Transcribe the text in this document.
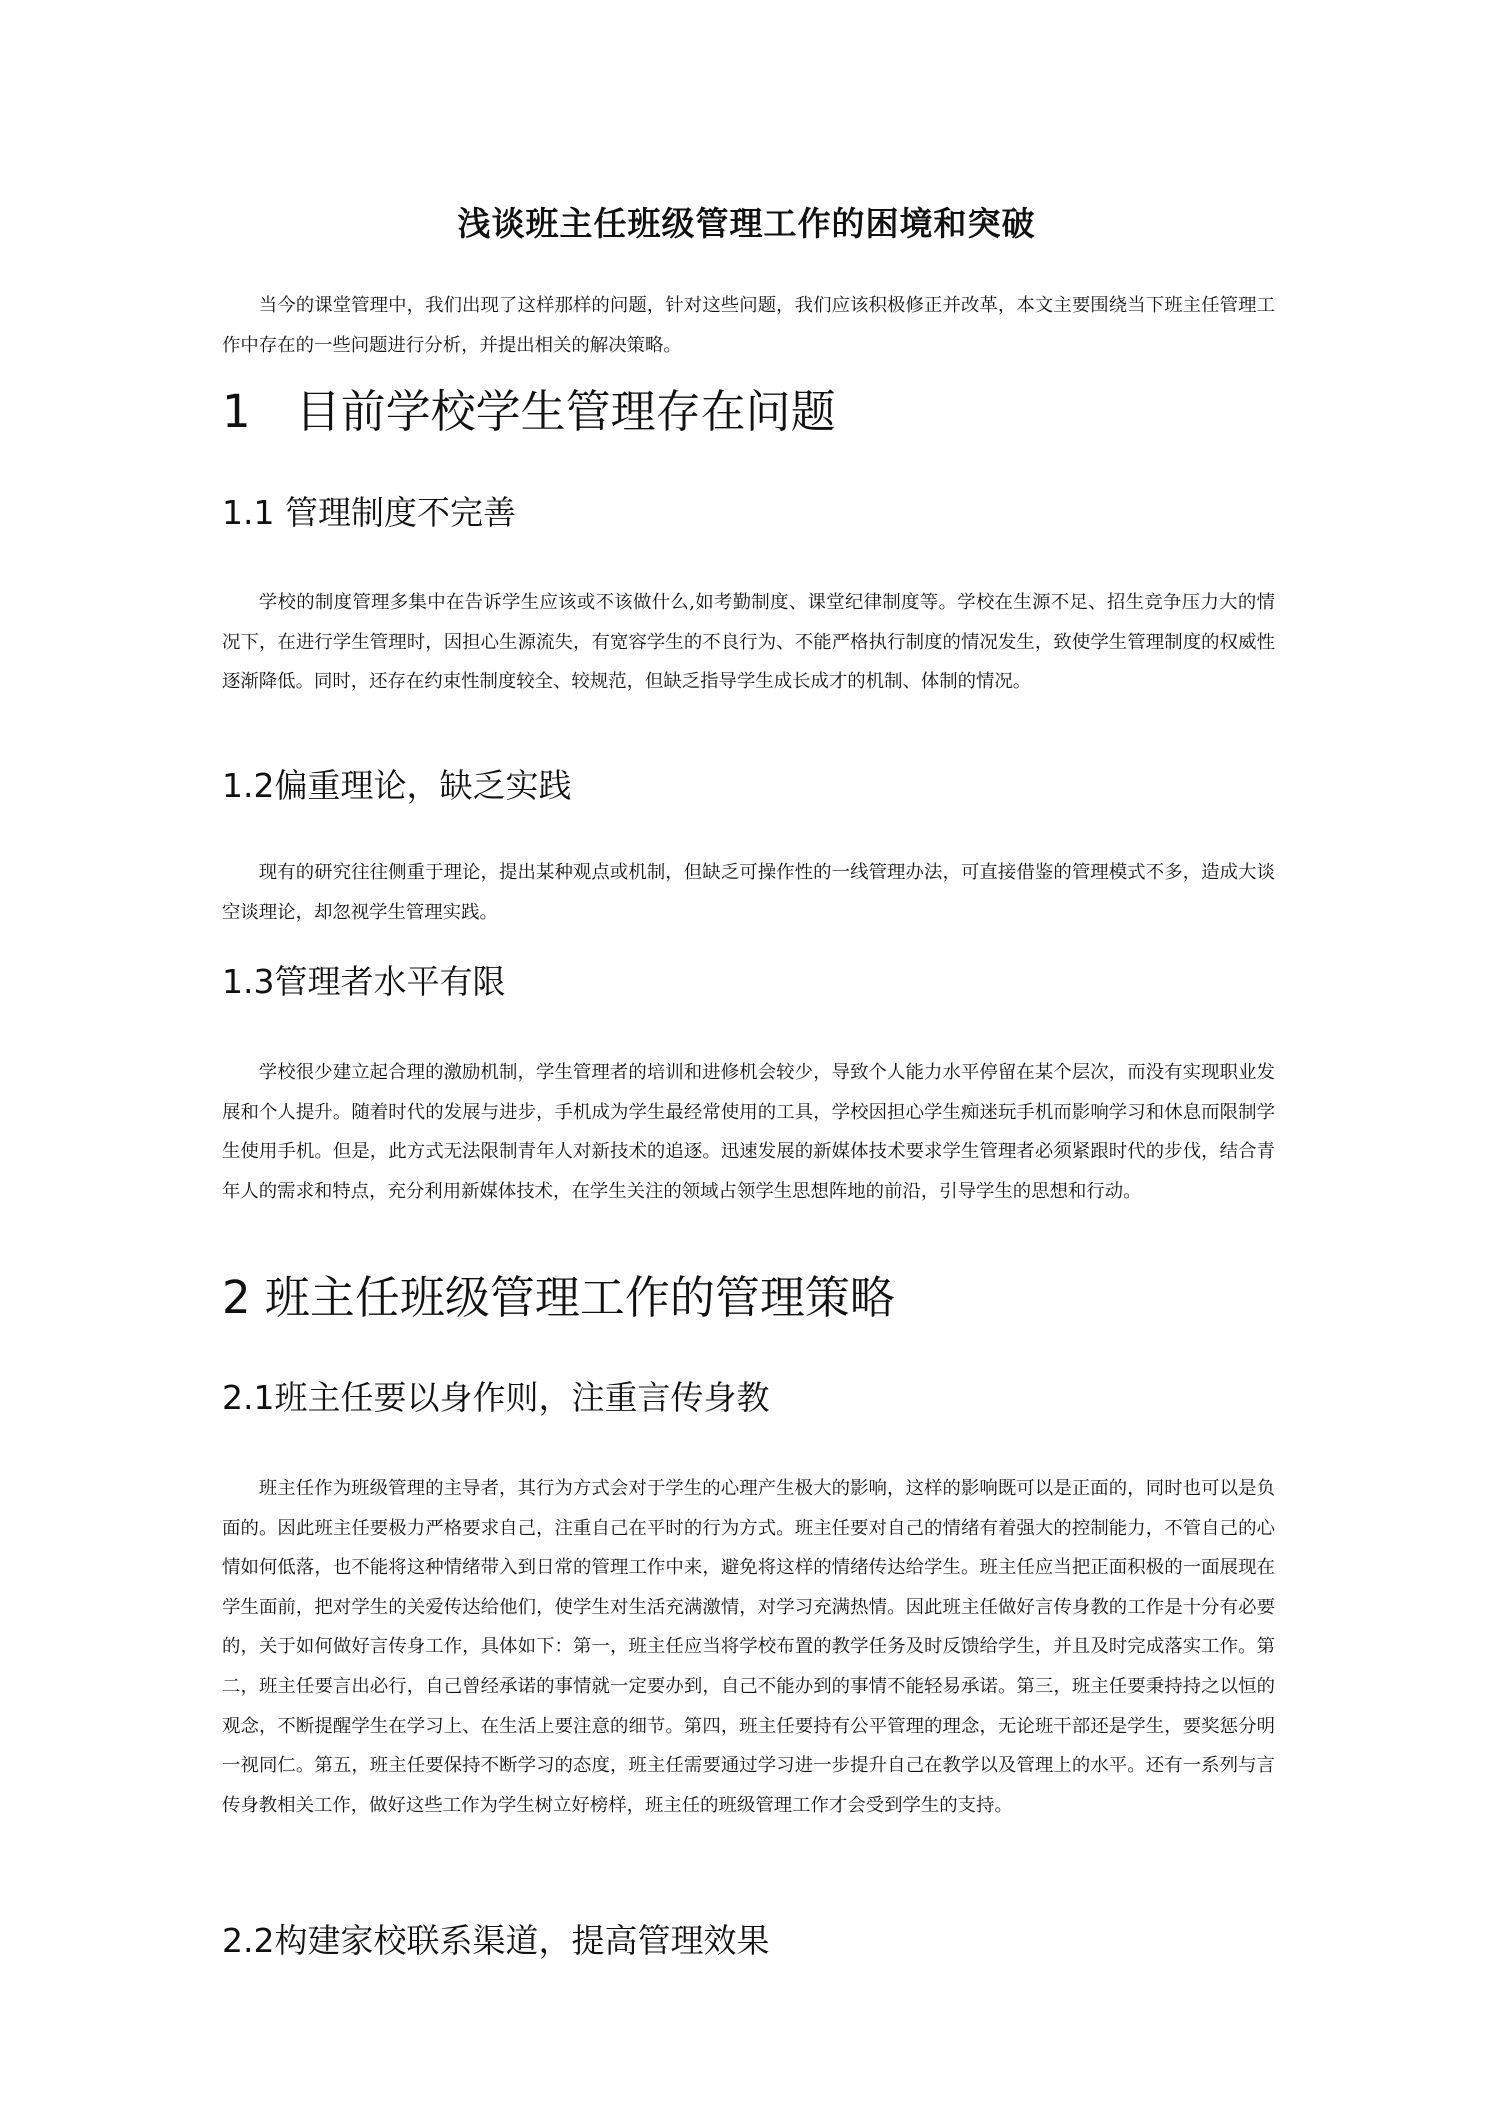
浅谈班主任班级管理工作的困境和突破

当今的课堂管理中，我们出现了这样那样的问题，针对这些问题，我们应该积极修正并改革，本文主要围绕当下班主任管理工作中存在的一些问题进行分析，并提出相关的解决策略。

1　目前学校学生管理存在问题
1.1 管理制度不完善

学校的制度管理多集中在告诉学生应该或不该做什么,如考勤制度、课堂纪律制度等。学校在生源不足、招生竞争压力大的情况下，在进行学生管理时，因担心生源流失，有宽容学生的不良行为、不能严格执行制度的情况发生，致使学生管理制度的权威性逐渐降低。同时，还存在约束性制度较全、较规范，但缺乏指导学生成长成才的机制、体制的情况。

1.2偏重理论，缺乏实践

现有的研究往往侧重于理论，提出某种观点或机制，但缺乏可操作性的一线管理办法，可直接借鉴的管理模式不多，造成大谈空谈理论，却忽视学生管理实践。

1.3管理者水平有限

学校很少建立起合理的激励机制，学生管理者的培训和进修机会较少，导致个人能力水平停留在某个层次，而没有实现职业发展和个人提升。随着时代的发展与进步，手机成为学生最经常使用的工具，学校因担心学生痴迷玩手机而影响学习和休息而限制学生使用手机。但是，此方式无法限制青年人对新技术的追逐。迅速发展的新媒体技术要求学生管理者必须紧跟时代的步伐，结合青年人的需求和特点，充分利用新媒体技术，在学生关注的领域占领学生思想阵地的前沿，引导学生的思想和行动。

2 班主任班级管理工作的管理策略
2.1班主任要以身作则，注重言传身教

班主任作为班级管理的主导者，其行为方式会对于学生的心理产生极大的影响，这样的影响既可以是正面的，同时也可以是负面的。因此班主任要极力严格要求自己，注重自己在平时的行为方式。班主任要对自己的情绪有着强大的控制能力，不管自己的心情如何低落，也不能将这种情绪带入到日常的管理工作中来，避免将这样的情绪传达给学生。班主任应当把正面积极的一面展现在学生面前，把对学生的关爱传达给他们，使学生对生活充满激情，对学习充满热情。因此班主任做好言传身教的工作是十分有必要的，关于如何做好言传身工作，具体如下：第一，班主任应当将学校布置的教学任务及时反馈给学生，并且及时完成落实工作。第二，班主任要言出必行，自己曾经承诺的事情就一定要办到，自己不能办到的事情不能轻易承诺。第三，班主任要秉持持之以恒的观念，不断提醒学生在学习上、在生活上要注意的细节。第四，班主任要持有公平管理的理念，无论班干部还是学生，要奖惩分明一视同仁。第五，班主任要保持不断学习的态度，班主任需要通过学习进一步提升自己在教学以及管理上的水平。还有一系列与言传身教相关工作，做好这些工作为学生树立好榜样，班主任的班级管理工作才会受到学生的支持。

2.2构建家校联系渠道，提高管理效果
